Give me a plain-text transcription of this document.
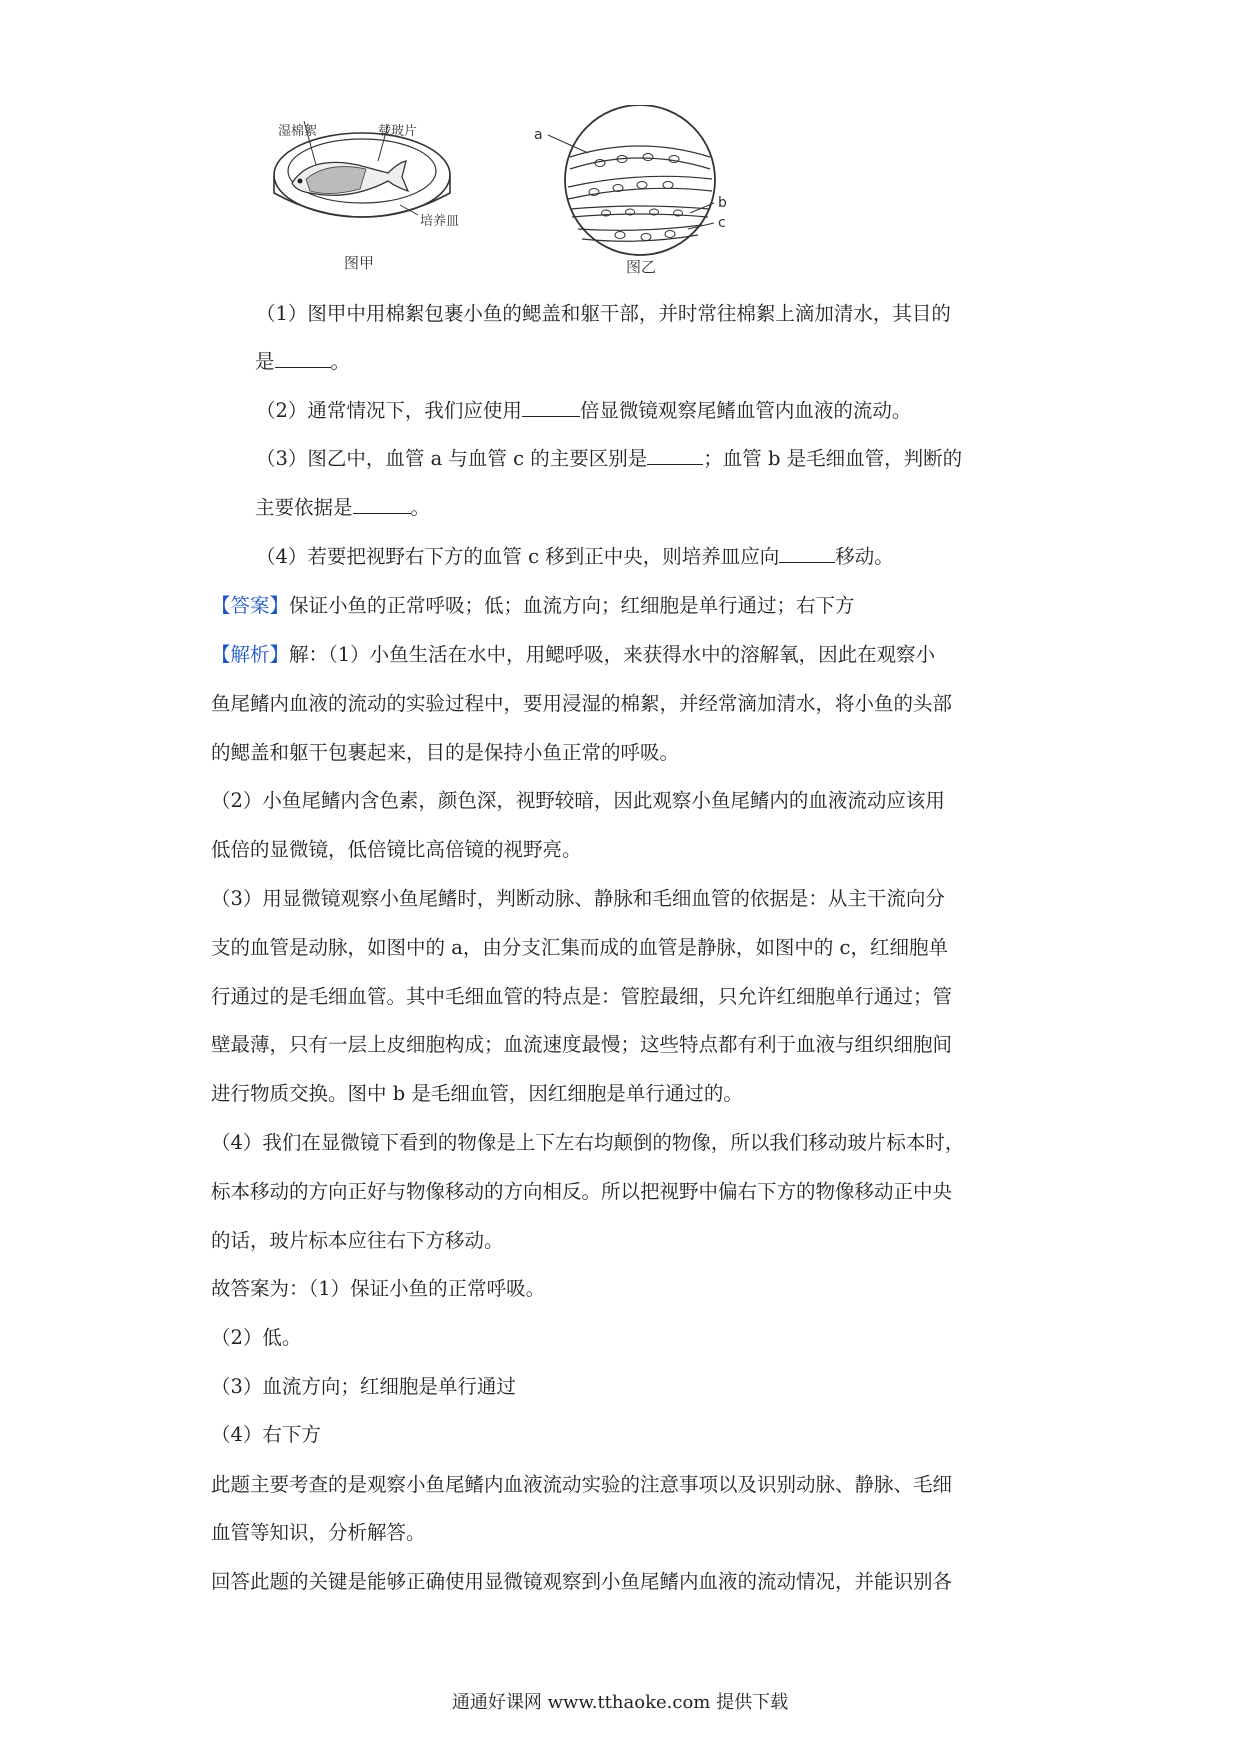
湿棉絮	载玻片
培养皿
图甲
a
b
c
图乙
（1）图甲中用棉絮包裹小鱼的鳃盖和躯干部，并时常往棉絮上滴加清水，其目的
是	。
（2）通常情况下，我们应使用	倍显微镜观察尾鳍血管内血液的流动。
（3）图乙中，血管 a 与血管 c 的主要区别是	；血管 b 是毛细血管，判断的
主要依据是	。
（4）若要把视野右下方的血管 c 移到正中央，则培养皿应向	移动。
【答案】保证小鱼的正常呼吸；低；血流方向；红细胞是单行通过；右下方
【解析】解：（1）小鱼生活在水中，用鳃呼吸，来获得水中的溶解氧，因此在观察小
鱼尾鳍内血液的流动的实验过程中，要用浸湿的棉絮，并经常滴加清水，将小鱼的头部
的鳃盖和躯干包裹起来，目的是保持小鱼正常的呼吸。
（2）小鱼尾鳍内含色素，颜色深，视野较暗，因此观察小鱼尾鳍内的血液流动应该用
低倍的显微镜，低倍镜比高倍镜的视野亮。
（3）用显微镜观察小鱼尾鳍时，判断动脉、静脉和毛细血管的依据是：从主干流向分
支的血管是动脉，如图中的 a，由分支汇集而成的血管是静脉，如图中的 c，红细胞单
行通过的是毛细血管。其中毛细血管的特点是：管腔最细，只允许红细胞单行通过；管
壁最薄，只有一层上皮细胞构成；血流速度最慢；这些特点都有利于血液与组织细胞间
进行物质交换。图中 b 是毛细血管，因红细胞是单行通过的。
（4）我们在显微镜下看到的物像是上下左右均颠倒的物像，所以我们移动玻片标本时，
标本移动的方向正好与物像移动的方向相反。所以把视野中偏右下方的物像移动正中央
的话，玻片标本应往右下方移动。
故答案为：（1）保证小鱼的正常呼吸。
（2）低。
（3）血流方向；红细胞是单行通过
（4）右下方
此题主要考查的是观察小鱼尾鳍内血液流动实验的注意事项以及识别动脉、静脉、毛细
血管等知识，分析解答。
回答此题的关键是能够正确使用显微镜观察到小鱼尾鳍内血液的流动情况，并能识别各
通通好课网 www.tthaoke.com 提供下载
